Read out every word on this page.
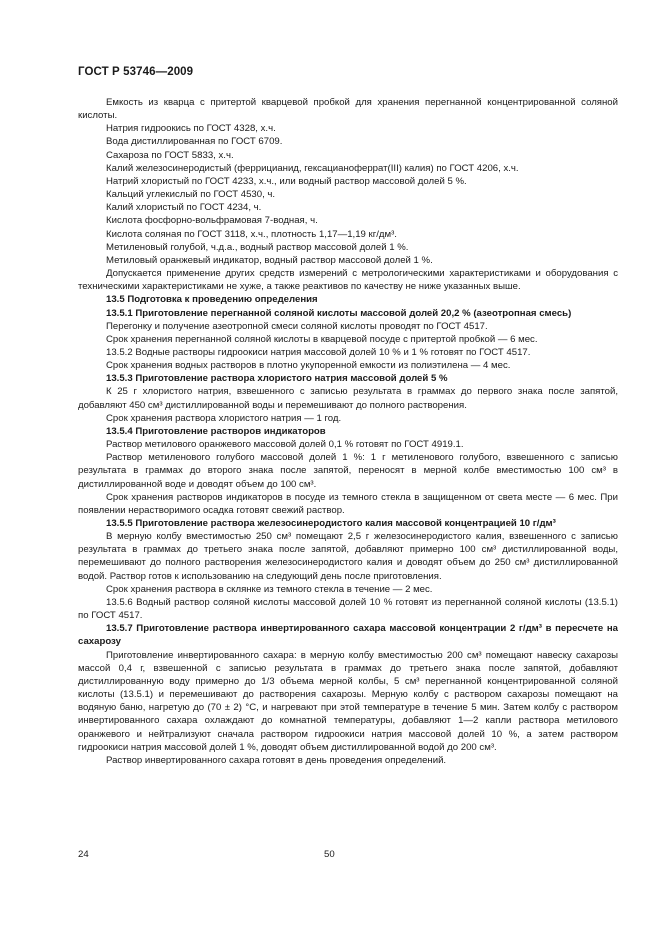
ГОСТ Р 53746—2009

Емкость из кварца с притертой кварцевой пробкой для хранения перегнанной концентрированной соляной кислоты.

Натрия гидроокись по ГОСТ 4328, х.ч.

Вода дистиллированная по ГОСТ 6709.

Сахароза по ГОСТ 5833, х.ч.

Калий железосинеродистый (феррицианид, гексацианоферрат(III) калия) по ГОСТ 4206, х.ч.

Натрий хлористый по ГОСТ 4233, х.ч., или водный раствор массовой долей 5 %.

Кальций углекислый по ГОСТ 4530, ч.

Калий хлористый по ГОСТ 4234, ч.

Кислота фосфорно-вольфрамовая 7-водная, ч.

Кислота соляная по ГОСТ 3118, х.ч., плотность 1,17—1,19 кг/дм³.

Метиленовый голубой, ч.д.а., водный раствор массовой долей 1 %.

Метиловый оранжевый индикатор, водный раствор массовой долей 1 %.

Допускается применение других средств измерений с метрологическими характеристиками и оборудования с техническими характеристиками не хуже, а также реактивов по качеству не ниже указанных выше.

13.5 Подготовка к проведению определения

13.5.1 Приготовление перегнанной соляной кислоты массовой долей 20,2 % (азеотропная смесь)

Перегонку и получение азеотропной смеси соляной кислоты проводят по ГОСТ 4517.

Срок хранения перегнанной соляной кислоты в кварцевой посуде с притертой пробкой — 6 мес.

13.5.2 Водные растворы гидроокиси натрия массовой долей 10 % и 1 % готовят по ГОСТ 4517.

Срок хранения водных растворов в плотно укупоренной емкости из полиэтилена — 4 мес.

13.5.3 Приготовление раствора хлористого натрия массовой долей 5 %

К 25 г хлористого натрия, взвешенного с записью результата в граммах до первого знака после запятой, добавляют 450 см³ дистиллированной воды и перемешивают до полного растворения.

Срок хранения раствора хлористого натрия — 1 год.

13.5.4 Приготовление растворов индикаторов

Раствор метилового оранжевого массовой долей 0,1 % готовят по ГОСТ 4919.1.

Раствор метиленового голубого массовой долей 1 %: 1 г метиленового голубого, взвешенного с записью результата в граммах до второго знака после запятой, переносят в мерной колбе вместимостью 100 см³ в дистиллированной воде и доводят объем до 100 см³.

Срок хранения растворов индикаторов в посуде из темного стекла в защищенном от света месте — 6 мес. При появлении нерастворимого осадка готовят свежий раствор.

13.5.5 Приготовление раствора железосинеродистого калия массовой концентрацией 10 г/дм³

В мерную колбу вместимостью 250 см³ помещают 2,5 г железосинеродистого калия, взвешенного с записью результата в граммах до третьего знака после запятой, добавляют примерно 100 см³ дистиллированной воды, перемешивают до полного растворения железосинеродистого калия и доводят объем до 250 см³ дистиллированной водой. Раствор готов к использованию на следующий день после приготовления.

Срок хранения раствора в склянке из темного стекла в течение — 2 мес.

13.5.6 Водный раствор соляной кислоты массовой долей 10 % готовят из перегнанной соляной кислоты (13.5.1) по ГОСТ 4517.

13.5.7 Приготовление раствора инвертированного сахара массовой концентрации 2 г/дм³ в пересчете на сахарозу

Приготовление инвертированного сахара: в мерную колбу вместимостью 200 см³ помещают навеску сахарозы массой 0,4 г, взвешенной с записью результата в граммах до третьего знака после запятой, добавляют дистиллированную воду примерно до 1/3 объема мерной колбы, 5 см³ перегнанной концентрированной соляной кислоты (13.5.1) и перемешивают до растворения сахарозы. Мерную колбу с раствором сахарозы помещают на водяную баню, нагретую до (70 ± 2) °С, и нагревают при этой температуре в течение 5 мин. Затем колбу с раствором инвертированного сахара охлаждают до комнатной температуры, добавляют 1—2 капли раствора метилового оранжевого и нейтрализуют сначала раствором гидроокиси натрия массовой долей 10 %, а затем раствором гидроокиси натрия массовой долей 1 %, доводят объем дистиллированной водой до 200 см³.

Раствор инвертированного сахара готовят в день проведения определений.

24	50
